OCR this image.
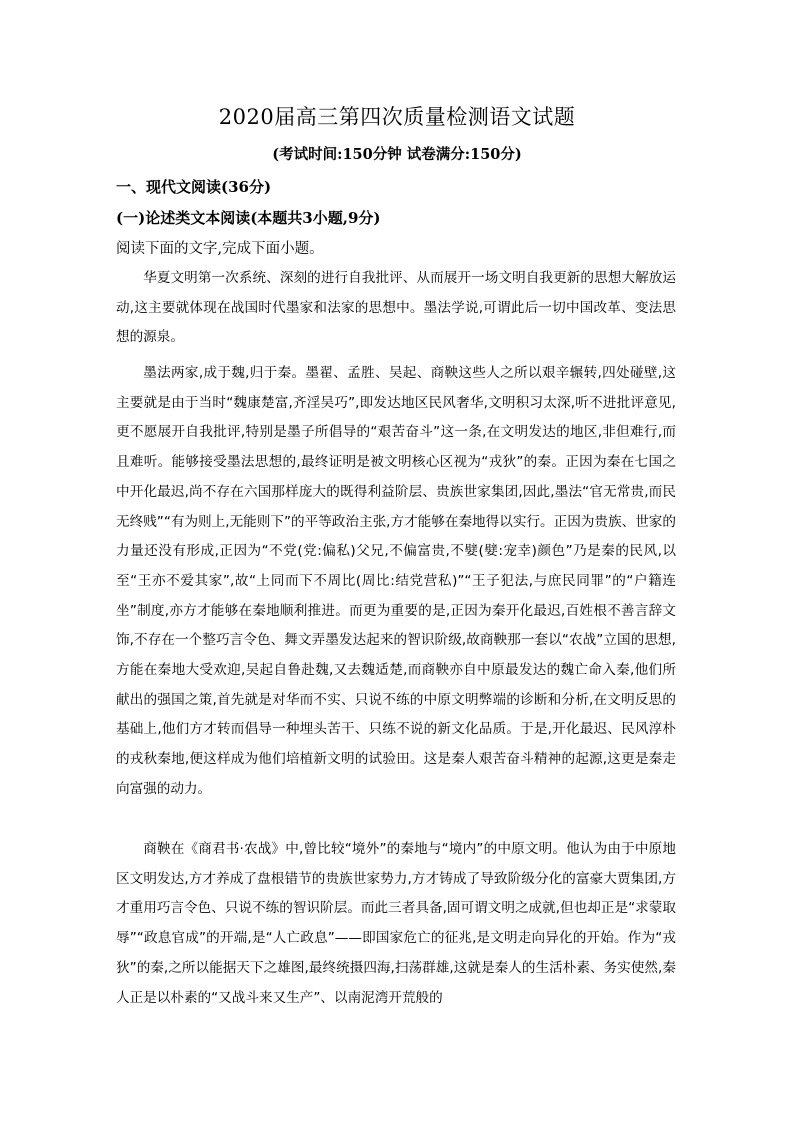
2020届高三第四次质量检测语文试题
(考试时间:150分钟 试卷满分:150分)
一、现代文阅读(36分)
(一)论述类文本阅读(本题共3小题,9分)
阅读下面的文字,完成下面小题。

华夏文明第一次系统、深刻的进行自我批评、从而展开一场文明自我更新的思想大解放运动,这主要就体现在战国时代墨家和法家的思想中。墨法学说,可谓此后一切中国改革、变法思想的源泉。

墨法两家,成于魏,归于秦。墨翟、孟胜、吴起、商鞅这些人之所以艰辛辗转,四处碰壁,这主要就是由于当时“魏康楚富,齐淫吴巧”,即发达地区民风奢华,文明积习太深,听不进批评意见,更不愿展开自我批评,特别是墨子所倡导的“艰苦奋斗”这一条,在文明发达的地区,非但难行,而且难听。能够接受墨法思想的,最终证明是被文明核心区视为“戎狄”的秦。正因为秦在七国之中开化最迟,尚不存在六国那样庞大的既得利益阶层、贵族世家集团,因此,墨法“官无常贵,而民无终贱”“有为则上,无能则下”的平等政治主张,方才能够在秦地得以实行。正因为贵族、世家的力量还没有形成,正因为“不党(党:偏私)父兄,不偏富贵,不嬖(嬖:宠幸)颜色”乃是秦的民风,以至“王亦不爱其家”,故“上同而下不周比(周比:结党营私)”“王子犯法,与庶民同罪”的“户籍连坐”制度,亦方才能够在秦地顺利推进。而更为重要的是,正因为秦开化最迟,百姓根不善言辞文饰,不存在一个整巧言令色、舞文弄墨发达起来的智识阶级,故商鞅那一套以“农战”立国的思想,方能在秦地大受欢迎,吴起自鲁赴魏,又去魏适楚,而商鞅亦自中原最发达的魏亡命入秦,他们所献出的强国之策,首先就是对华而不实、只说不练的中原文明弊端的诊断和分析,在文明反思的基础上,他们方才转而倡导一种埋头苦干、只练不说的新文化品质。于是,开化最迟、民风淳朴的戎秋秦地,便这样成为他们培植新文明的试验田。这是秦人艰苦奋斗精神的起源,这更是秦走向富强的动力。

商鞅在《商君书·农战》中,曾比较“境外”的秦地与“境内”的中原文明。他认为由于中原地区文明发达,方才养成了盘根错节的贵族世家势力,方才铸成了导致阶级分化的富豪大贾集团,方才重用巧言令色、只说不练的智识阶层。而此三者具备,固可谓文明之成就,但也却正是“求蒙取辱”“政息官成”的开端,是“人亡政息”——即国家危亡的征兆,是文明走向异化的开始。作为“戎狄”的秦,之所以能据天下之雄图,最终统摄四海,扫荡群雄,这就是秦人的生活朴素、务实使然,秦人正是以朴素的“又战斗来又生产”、以南泥湾开荒般的
